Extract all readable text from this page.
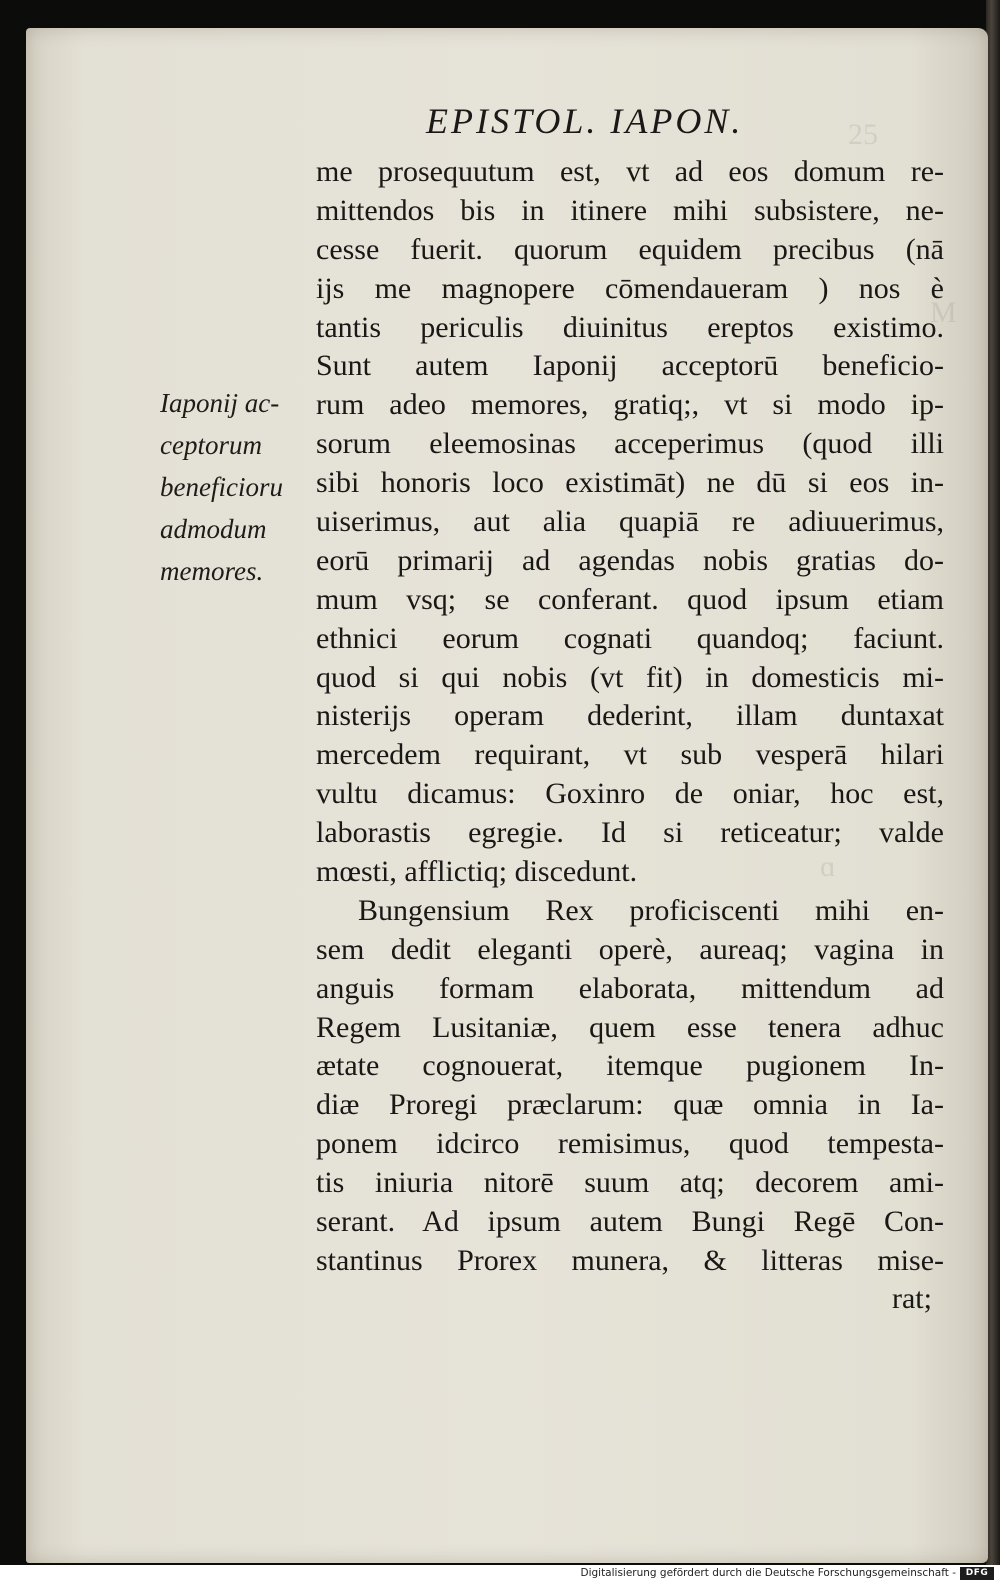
25
M
ɑ
EPISTOL. IAPON.
Iaponij ac-
ceptorum
beneficioru
admodum
memores.
me prosequutum est, vt ad eos domum re-
mittendos bis in itinere mihi subsistere, ne-
cesse fuerit. quorum equidem precibus (nā
ijs me magnopere cōmendaueram ) nos è
tantis periculis diuinitus ereptos existimo.
Sunt autem Iaponij acceptorū beneficio-
rum adeo memores, gratiq;, vt si modo ip-
sorum eleemosinas acceperimus (quod illi
sibi honoris loco existimāt) ne dū si eos in-
uiserimus, aut alia quapiā re adiuuerimus,
eorū primarij ad agendas nobis gratias do-
mum vsq; se conferant. quod ipsum etiam
ethnici eorum cognati quandoq; faciunt.
quod si qui nobis (vt fit) in domesticis mi-
nisterijs operam dederint, illam duntaxat
mercedem requirant, vt sub vesperā hilari
vultu dicamus: Goxinro de oniar, hoc est,
laborastis egregie. Id si reticeatur; valde
mœsti, afflictiq; discedunt.
Bungensium Rex proficiscenti mihi en-
sem dedit eleganti operè, aureaq; vagina in
anguis formam elaborata, mittendum ad
Regem Lusitaniæ, quem esse tenera adhuc
ætate cognouerat, itemque pugionem In-
diæ Proregi præclarum: quæ omnia in Ia-
ponem idcirco remisimus, quod tempesta-
tis iniuria nitorē suum atq; decorem ami-
serant. Ad ipsum autem Bungi Regē Con-
stantinus Prorex munera, & litteras mise-
rat;
Digitalisierung gefördert durch die Deutsche Forschungsgemeinschaft -	DFG
